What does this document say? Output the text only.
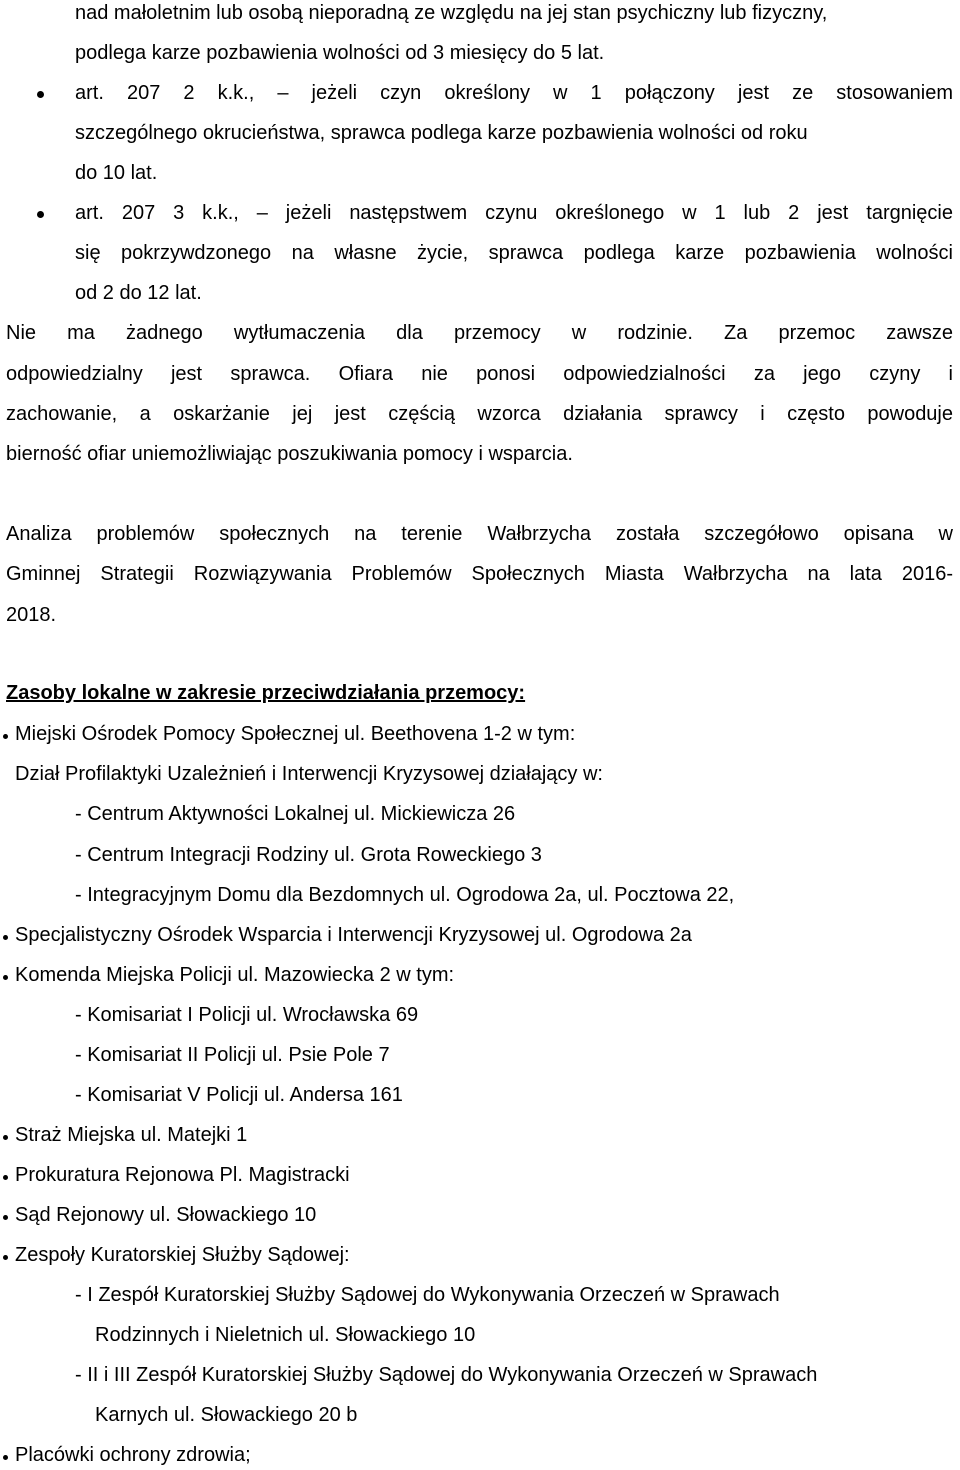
nad małoletnim lub osobą nieporadną ze względu na jej stan psychiczny lub fizyczny,
podlega karze pozbawienia wolności od 3 miesięcy do 5 lat.
art. 207 2 k.k., – jeżeli czyn określony w 1 połączony jest ze stosowaniem
szczególnego okrucieństwa, sprawca podlega karze pozbawienia wolności od roku
do 10 lat.
art. 207 3 k.k., – jeżeli następstwem czynu określonego w 1 lub 2 jest targnięcie
się pokrzywdzonego na własne życie, sprawca podlega karze pozbawienia wolności
od 2 do 12 lat.
Nie ma żadnego wytłumaczenia dla przemocy w rodzinie. Za przemoc zawsze
odpowiedzialny jest sprawca. Ofiara nie ponosi odpowiedzialności za jego czyny i
zachowanie, a oskarżanie jej jest częścią wzorca działania sprawcy i często powoduje
bierność ofiar uniemożliwiając poszukiwania pomocy i wsparcia.
Analiza problemów społecznych na terenie Wałbrzycha została szczegółowo opisana w
Gminnej Strategii Rozwiązywania Problemów Społecznych Miasta Wałbrzycha na lata 2016-
2018.
Zasoby lokalne w zakresie przeciwdziałania przemocy:
Miejski Ośrodek Pomocy Społecznej ul. Beethovena 1-2 w tym:
Dział Profilaktyki Uzależnień i Interwencji Kryzysowej działający w:
- Centrum Aktywności Lokalnej ul. Mickiewicza 26
- Centrum Integracji Rodziny ul. Grota Roweckiego 3
- Integracyjnym Domu dla Bezdomnych ul. Ogrodowa 2a, ul. Pocztowa 22,
Specjalistyczny Ośrodek Wsparcia i Interwencji Kryzysowej ul. Ogrodowa 2a
Komenda Miejska Policji ul. Mazowiecka 2 w tym:
- Komisariat I Policji ul. Wrocławska 69
- Komisariat II Policji ul. Psie Pole 7
- Komisariat V Policji ul. Andersa 161
Straż Miejska ul. Matejki 1
Prokuratura Rejonowa Pl. Magistracki
Sąd Rejonowy ul. Słowackiego 10
Zespoły Kuratorskiej Służby Sądowej:
- I Zespół Kuratorskiej Służby Sądowej do Wykonywania Orzeczeń w Sprawach
Rodzinnych i Nieletnich ul. Słowackiego 10
- II i III Zespół Kuratorskiej Służby Sądowej do Wykonywania Orzeczeń w Sprawach
Karnych ul. Słowackiego 20 b
Placówki ochrony zdrowia;
